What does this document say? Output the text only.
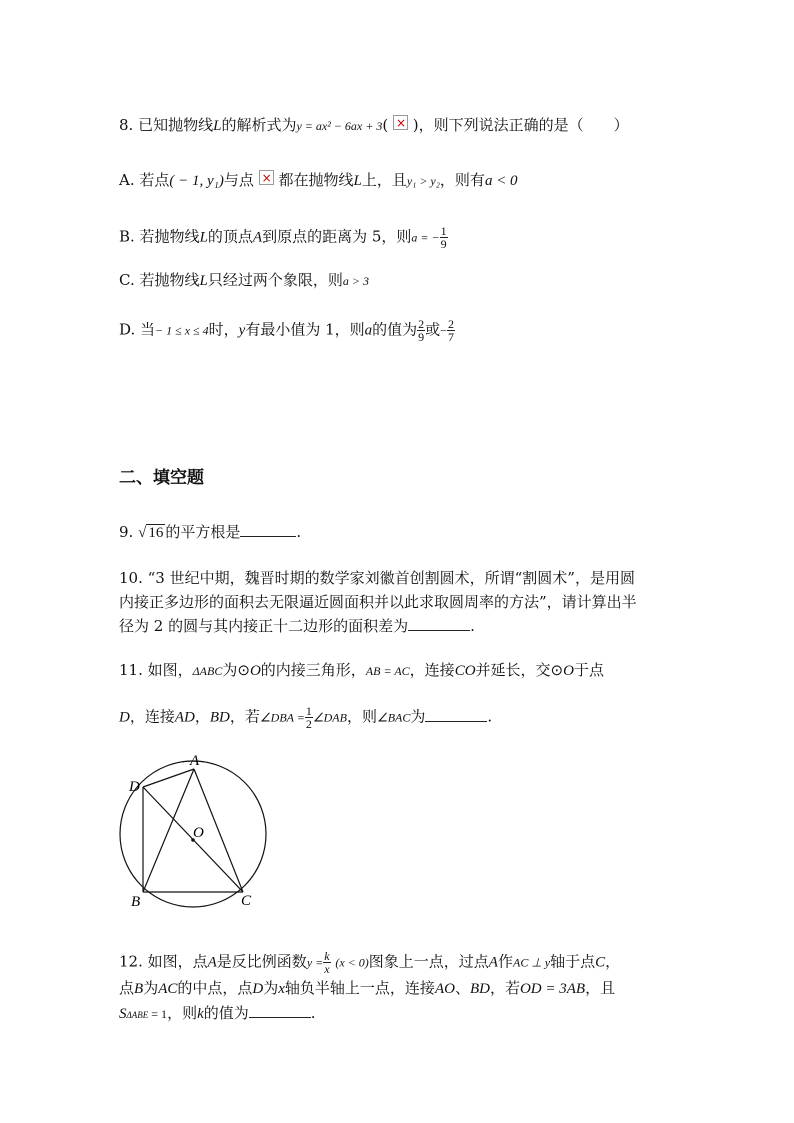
8. 已知抛物线L的解析式为y = ax² − 6ax + 3( × )，则下列说法正确的是（　　）
A. 若点( − 1, y₁)与点 × 都在抛物线L上，且y₁ > y₂，则有a < 0
B. 若抛物线L的顶点A到原点的距离为 5，则a = − $\frac{1}{9}$
C. 若抛物线L只经过两个象限，则a > 3
D. 当− 1 ≤ x ≤ 4时，y有最小值为 1，则a的值为 $\frac{2}{9}$ 或− $\frac{2}{7}$
二、填空题
9. √ 16 的平方根是	.
10. “3 世纪中期，魏晋时期的数学家刘徽首创割圆术，所谓“割圆术”，是用圆
内接正多边形的面积去无限逼近圆面积并以此求取圆周率的方法”，请计算出半
径为 2 的圆与其内接正十二边形的面积差为	.
11. 如图，ΔABC为⊙O的内接三角形，AB = AC，连接CO并延长，交⊙O于点
D，连接AD，BD，若∠DBA = $\frac{1}{2}$ ∠DAB，则∠BAC为	.
A
D
O
B	C
12. 如图，点A是反比例函数$y = \frac{k}{x} (x < 0)$图象上一点，过点A作AC ⊥ y轴于点C，
点B为AC的中点，点D为x轴负半轴上一点，连接AO、BD，若OD = 3AB，且
SΔABE = 1，则k的值为	.
